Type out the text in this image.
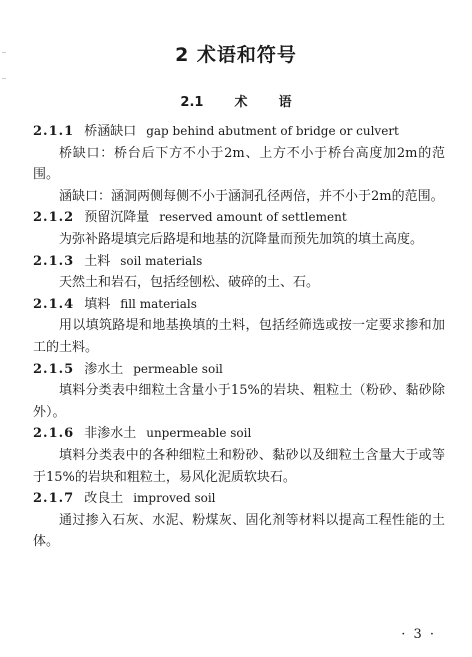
2 术语和符号
2.1 术 语
2.1.1 桥涵缺口 gap behind abutment of bridge or culvert
桥缺口：桥台后下方不小于2m、上方不小于桥台高度加2m的范围。
涵缺口：涵洞两侧每侧不小于涵洞孔径两倍，并不小于2m的范围。
2.1.2 预留沉降量 reserved amount of settlement
为弥补路堤填完后路堤和地基的沉降量而预先加筑的填土高度。
2.1.3 土料 soil materials
天然土和岩石，包括经刨松、破碎的土、石。
2.1.4 填料 fill materials
用以填筑路堤和地基换填的土料，包括经筛选或按一定要求掺和加工的土料。
2.1.5 渗水土 permeable soil
填料分类表中细粒土含量小于15%的岩块、粗粒土（粉砂、黏砂除外）。
2.1.6 非渗水土 unpermeable soil
填料分类表中的各种细粒土和粉砂、黏砂以及细粒土含量大于或等于15%的岩块和粗粒土，易风化泥质软块石。
2.1.7 改良土 improved soil
通过掺入石灰、水泥、粉煤灰、固化剂等材料以提高工程性能的土体。
· 3 ·
